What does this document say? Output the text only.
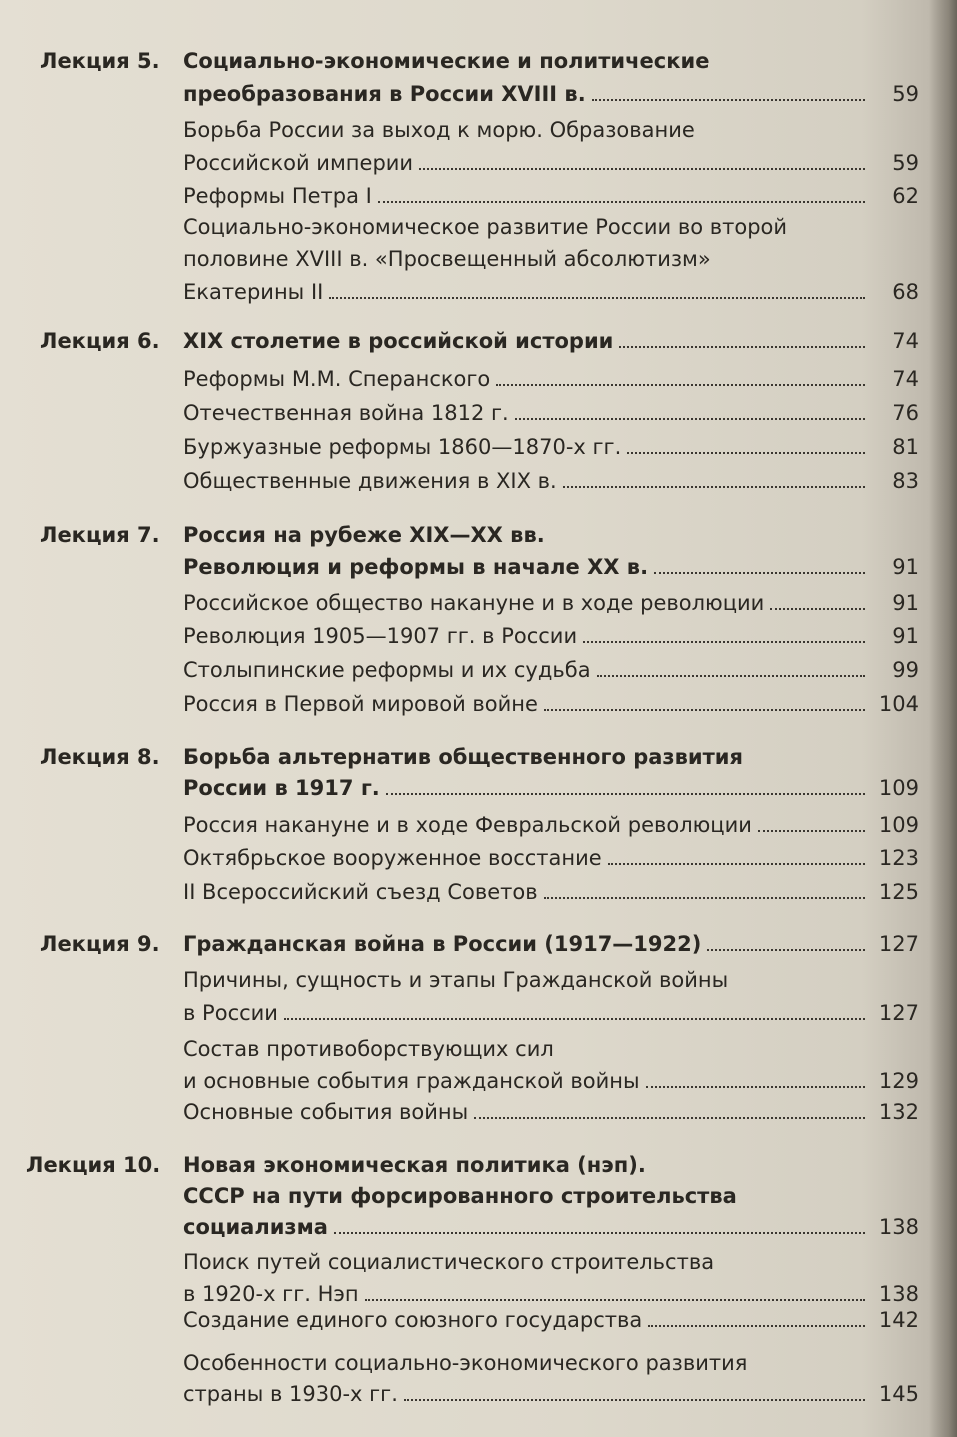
Лекция 5. Социально-экономические и политические
преобразования в России XVIII в.	59
Борьба России за выход к морю. Образование
Российской империи	59
Реформы Петра I	62
Социально-экономическое развитие России во второй
половине XVIII в. «Просвещенный абсолютизм»
Екатерины II	68
Лекция 6. XIX столетие в российской истории	74
Реформы М.М. Сперанского	74
Отечественная война 1812 г.	76
Буржуазные реформы 1860—1870-х гг.	81
Общественные движения в XIX в.	83
Лекция 7. Россия на рубеже XIX—XX вв.
Революция и реформы в начале XX в.	91
Российское общество накануне и в ходе революции	91
Революция 1905—1907 гг. в России	91
Столыпинские реформы и их судьба	99
Россия в Первой мировой войне	104
Лекция 8. Борьба альтернатив общественного развития
России в 1917 г.	109
Россия накануне и в ходе Февральской революции	109
Октябрьское вооруженное восстание	123
II Всероссийский съезд Советов	125
Лекция 9. Гражданская война в России (1917—1922)	127
Причины, сущность и этапы Гражданской войны
в России	127
Состав противоборствующих сил
и основные события гражданской войны	129
Основные события войны	132
Лекция 10. Новая экономическая политика (нэп).
СССР на пути форсированного строительства
социализма	138
Поиск путей социалистического строительства
в 1920-х гг. Нэп	138
Создание единого союзного государства	142
Особенности социально-экономического развития
страны в 1930-х гг.	145
